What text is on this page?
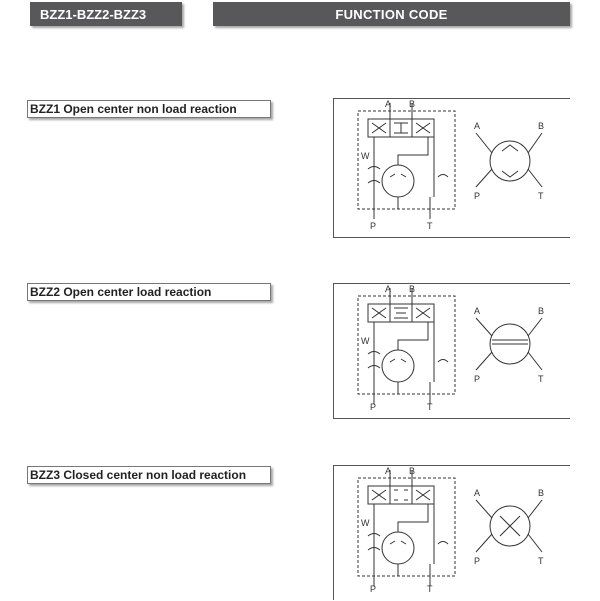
BZZ1-BZZ2-BZZ3	FUNCTION CODE
BZZ1 Open center non load reaction	A B
W
P	T
A	B
P	T
BZZ2 Open center load reaction	A B
W
P	T
A	B
P	T
BZZ3 Closed center non load reaction	A B
W
P	T
A	B
P	T
